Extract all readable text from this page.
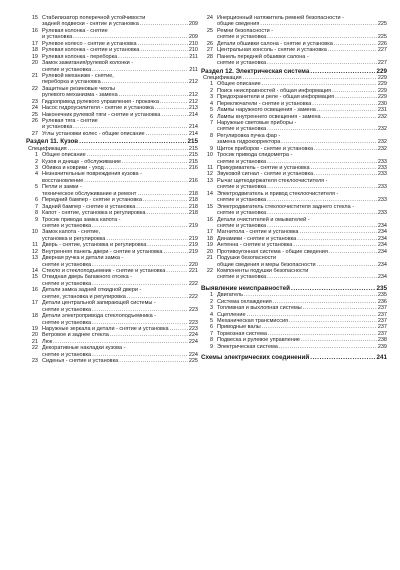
15 Стабилизатор поперечной устойчивости
задней подвески - снятие и установка .....	209
16 Рулевая колонка - снятие
и установка .....	209
17 Рулевое колесо - снятие и установка .....	210
18 Рулевая колонка - снятие и установка .....	210
19 Рулевая колонка - переборка .....	211
20 Замок зажигания/рулевой колонки -
снятие и установка .....	211
21 Рулевой механизм - снятие,
переборка и установка .....	212
22 Защитные резиновые чехлы
рулевого механизма - замена .....	212
23 Гидропривод рулевого управления - прокачка .....	212
24 Насос гидроусилителя - снятие и установка .....	213
25 Наконечник рулевой тяги - снятие и установка .....	214
26 Рулевая тяга - снятие
и установка .....	214
27 Углы установки колес - общие описание .....	214
Раздел 11. Кузов .....	215
Спецификация .....	215
1 Общее описание .....	215
2 Кузов и днище - обслуживание .....	215
3 Обивка и коврики - уход .....	216
4 Незначительные повреждения кузова -
восстановление .....	216
5 Петли и замки -
техническое обслуживание и ремонт .....	218
6 Передний бампер - снятие и установка .....	218
7 Задний бампер - снятие и установка .....	218
8 Капот - снятие, установка и регулировка .....	218
9 Тросик привода замка капота -
снятие и установка .....	219
10 Замок капота - снятие,
установка и регулировка .....	219
11 Дверь - снятие, установка и регулировка .....	219
12 Внутренняя панель двери - снятие и установка .....	219
13 Дверная ручка и детали замка -
снятие и установка .....	220
14 Стекло и стеклоподъемник - снятие и установка .....	221
15 Откидная дверь багажного отсека -
снятие и установка .....	222
16 Детали замка задней откидной двери -
снятие, установка и регулировка .....	222
17 Детали центральной запирающей системы -
снятие и установка .....	223
18 Детали электропривода стеклоподъемника -
снятие и установка .....	223
19 Наружные зеркала и детали - снятие и установка .....	223
20 Ветровое и заднее стекла .....	224
21 Люк .....	224
22 Декоративные накладки кузова -
снятие и установка .....	224
23 Сиденья - снятие и установка .....	225
24 Инерционный натяжитель ремней безопасности -
общие сведения .....	225
25 Ремни безопасности -
снятие и установка .....	225
26 Детали обшивки салона - снятие и установка .....	226
27 Центральная консоль - снятие и установка .....	227
28 Панель передней обшивки салона -
снятие и установка .....	227
Раздел 12. Электрическая система .....	229
Спецификация .....	229
1 Общее описание .....	229
2 Поиск неисправностей - общая информация .....	229
3 Предохранители и реле - общая информация .....	229
4 Переключатели - снятие и установка .....	230
5 Лампы наружного освещения - замена .....	231
6 Лампы внутреннего освещения - замена .....	232
7 Наружные световые приборы -
снятие и установка .....	232
8 Регулировка пучка фар -
замена гидрокорректора .....	232
9 Щиток приборов - снятие и установка .....	232
10 Тросик привода спидометра -
снятие и установка .....	233
11 Прикуриватель - снятие и установка .....	233
12 Звуковой сигнал - снятие и установка .....	233
13 Рычаг щеткодержателя стеклоочистителя -
снятие и установка .....	233
14 Электродвигатель и привод стеклоочистителя -
снятие и установка .....	233
15 Электродвигатель стеклоочистителя заднего стекла -
снятие и установка .....	233
16 Детали очистителей и омывателей -
снятие и установка .....	234
17 Магнитола - снятие и установка .....	234
18 Динамики - снятие и установка .....	234
19 Антенна - снятие и установка .....	234
20 Противоугонная система - общие сведения .....	234
21 Подушки безопасности
общие сведения и меры безопасности .....	234
22 Компоненты подушки безопасности
снятие и установка .....	234
Выявление неисправностей .....	235
1 Двигатель .....	235
2 Система охлаждения .....	236
3 Топливная и выхлопная системы .....	237
4 Сцепление .....	237
5 Механическая трансмиссия .....	237
6 Приводные валы .....	237
7 Тормозная система .....	237
8 Подвеска и рулевое управление .....	238
9 Электрическая система .....	239
Схемы электрических соединений .....	241
